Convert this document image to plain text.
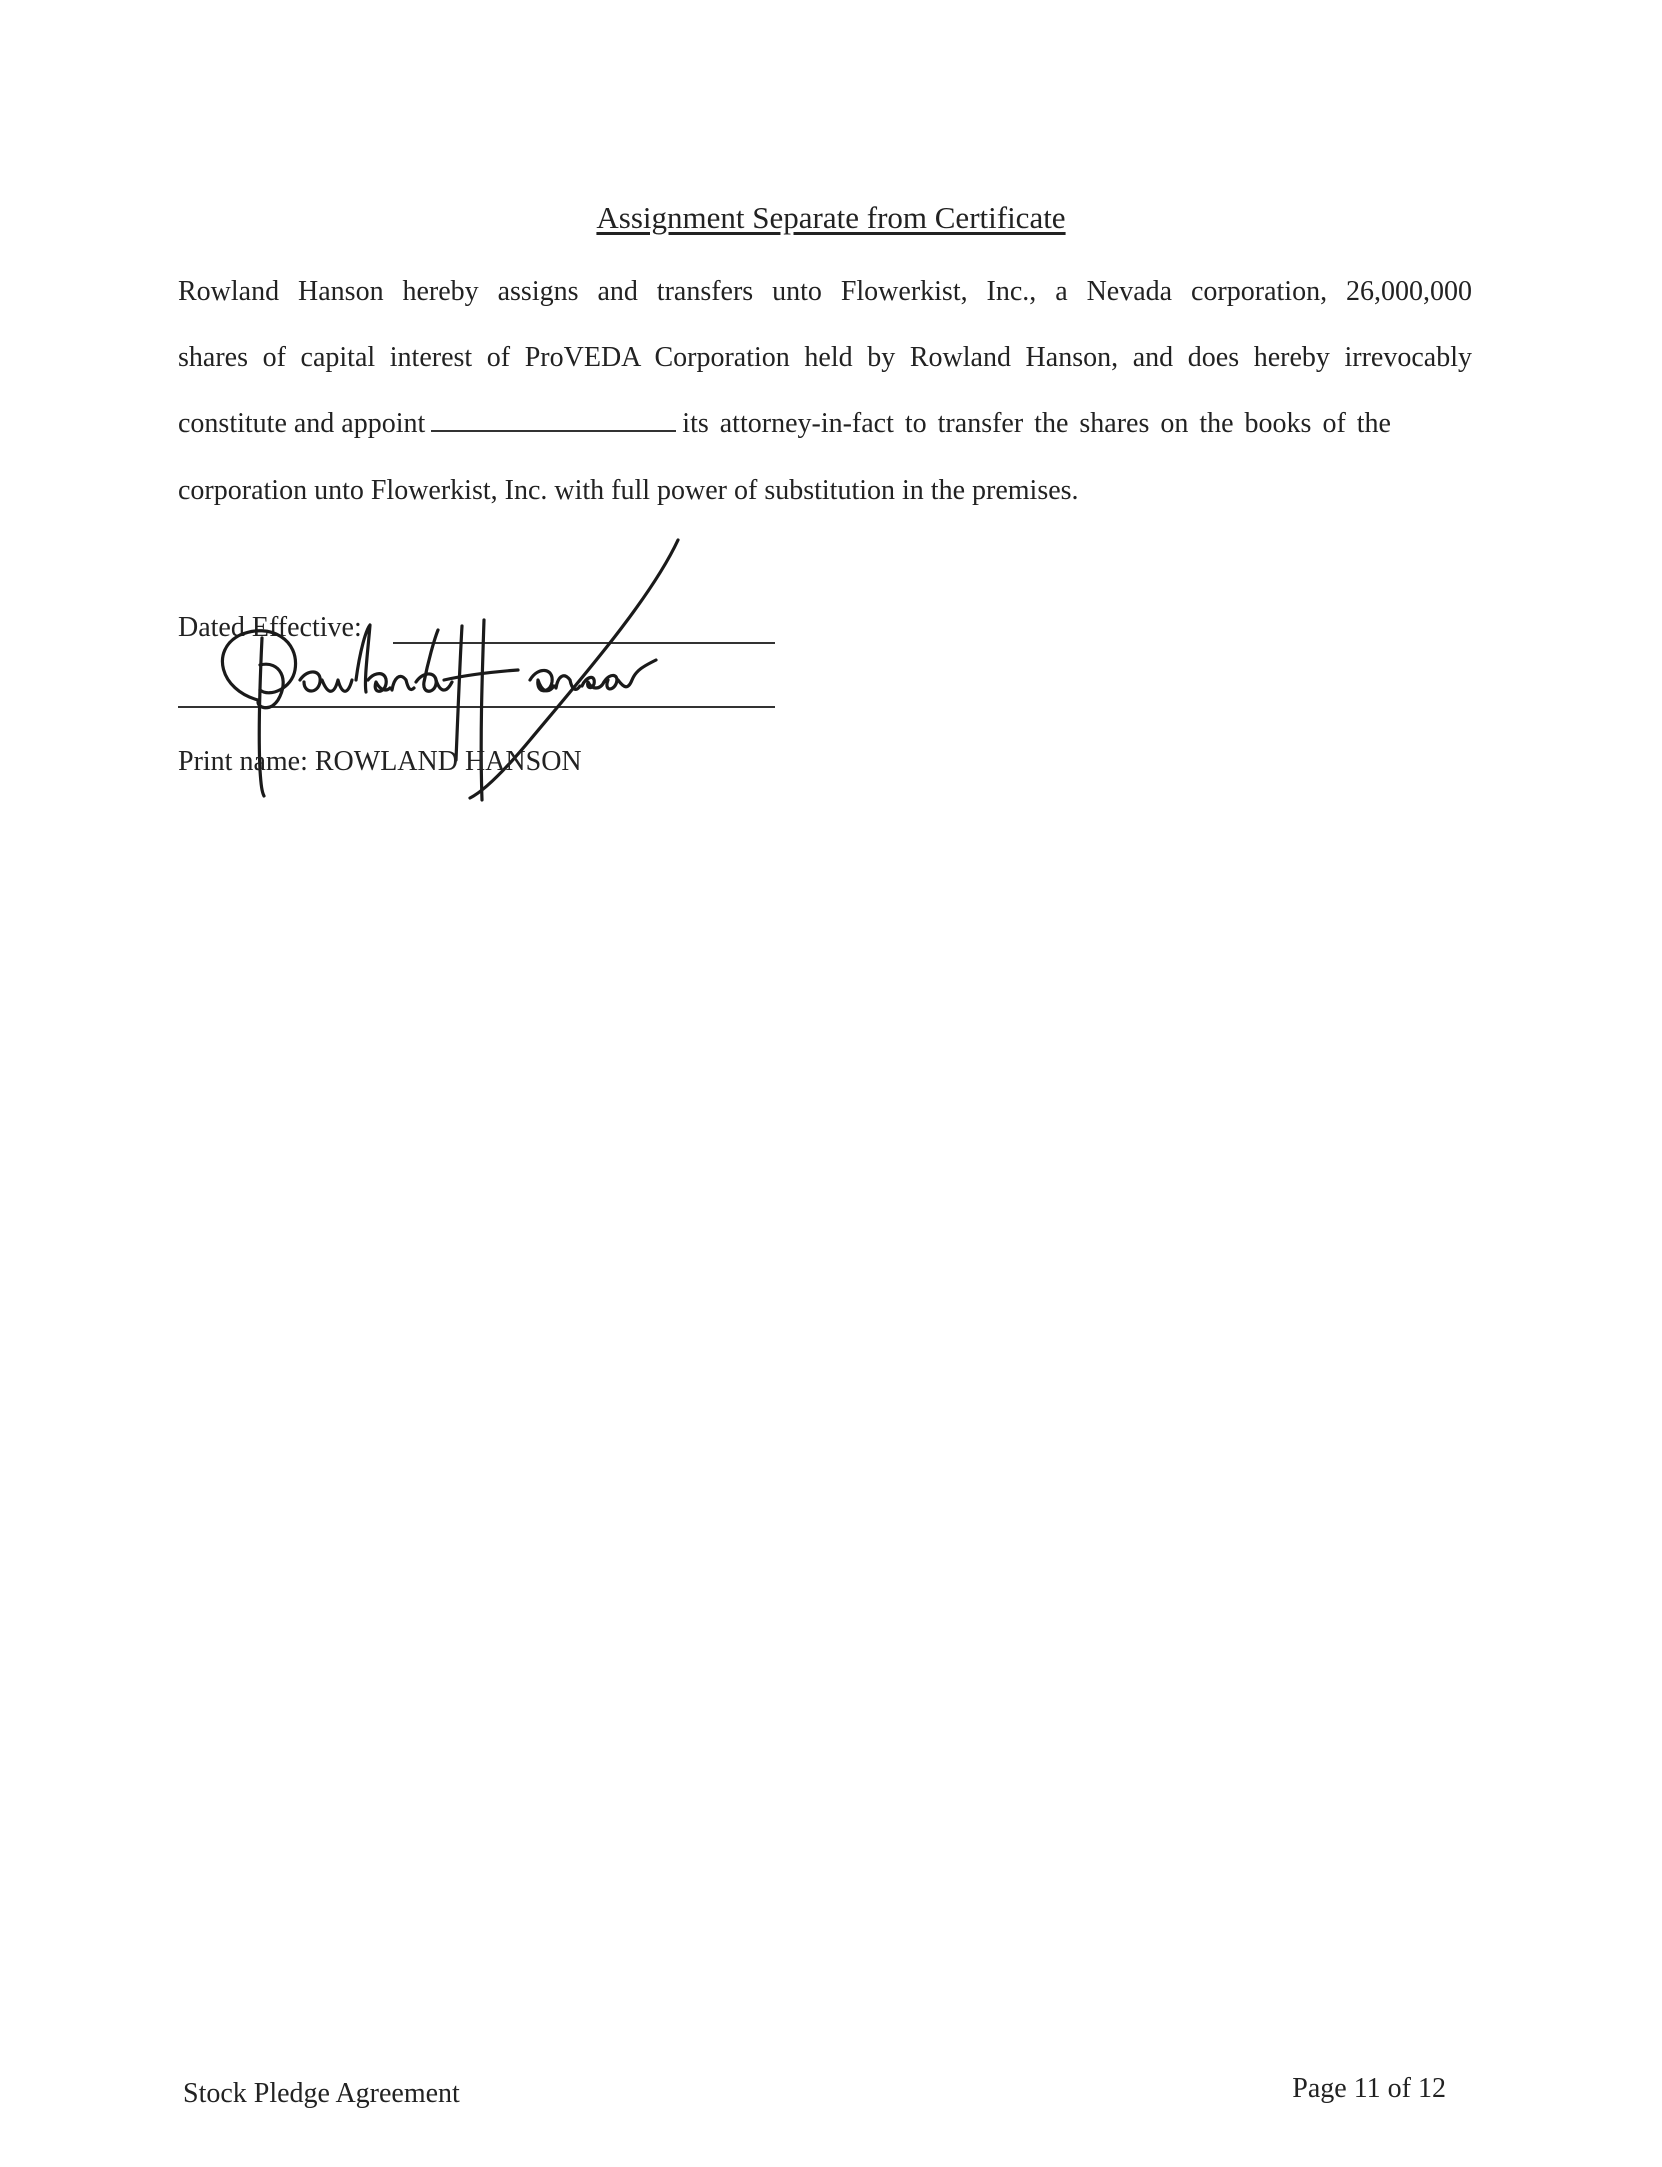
Assignment Separate from Certificate
Rowland Hanson hereby assigns and transfers unto Flowerkist, Inc., a Nevada corporation, 26,000,000
shares of capital interest of ProVEDA Corporation held by Rowland Hanson, and does hereby irrevocably
constitute and appoint	its attorney-in-fact to transfer the shares on the books of the
corporation unto Flowerkist, Inc. with full power of substitution in the premises.
Dated Effective:
Print name: ROWLAND HANSON
Stock Pledge Agreement	Page 11 of 12
